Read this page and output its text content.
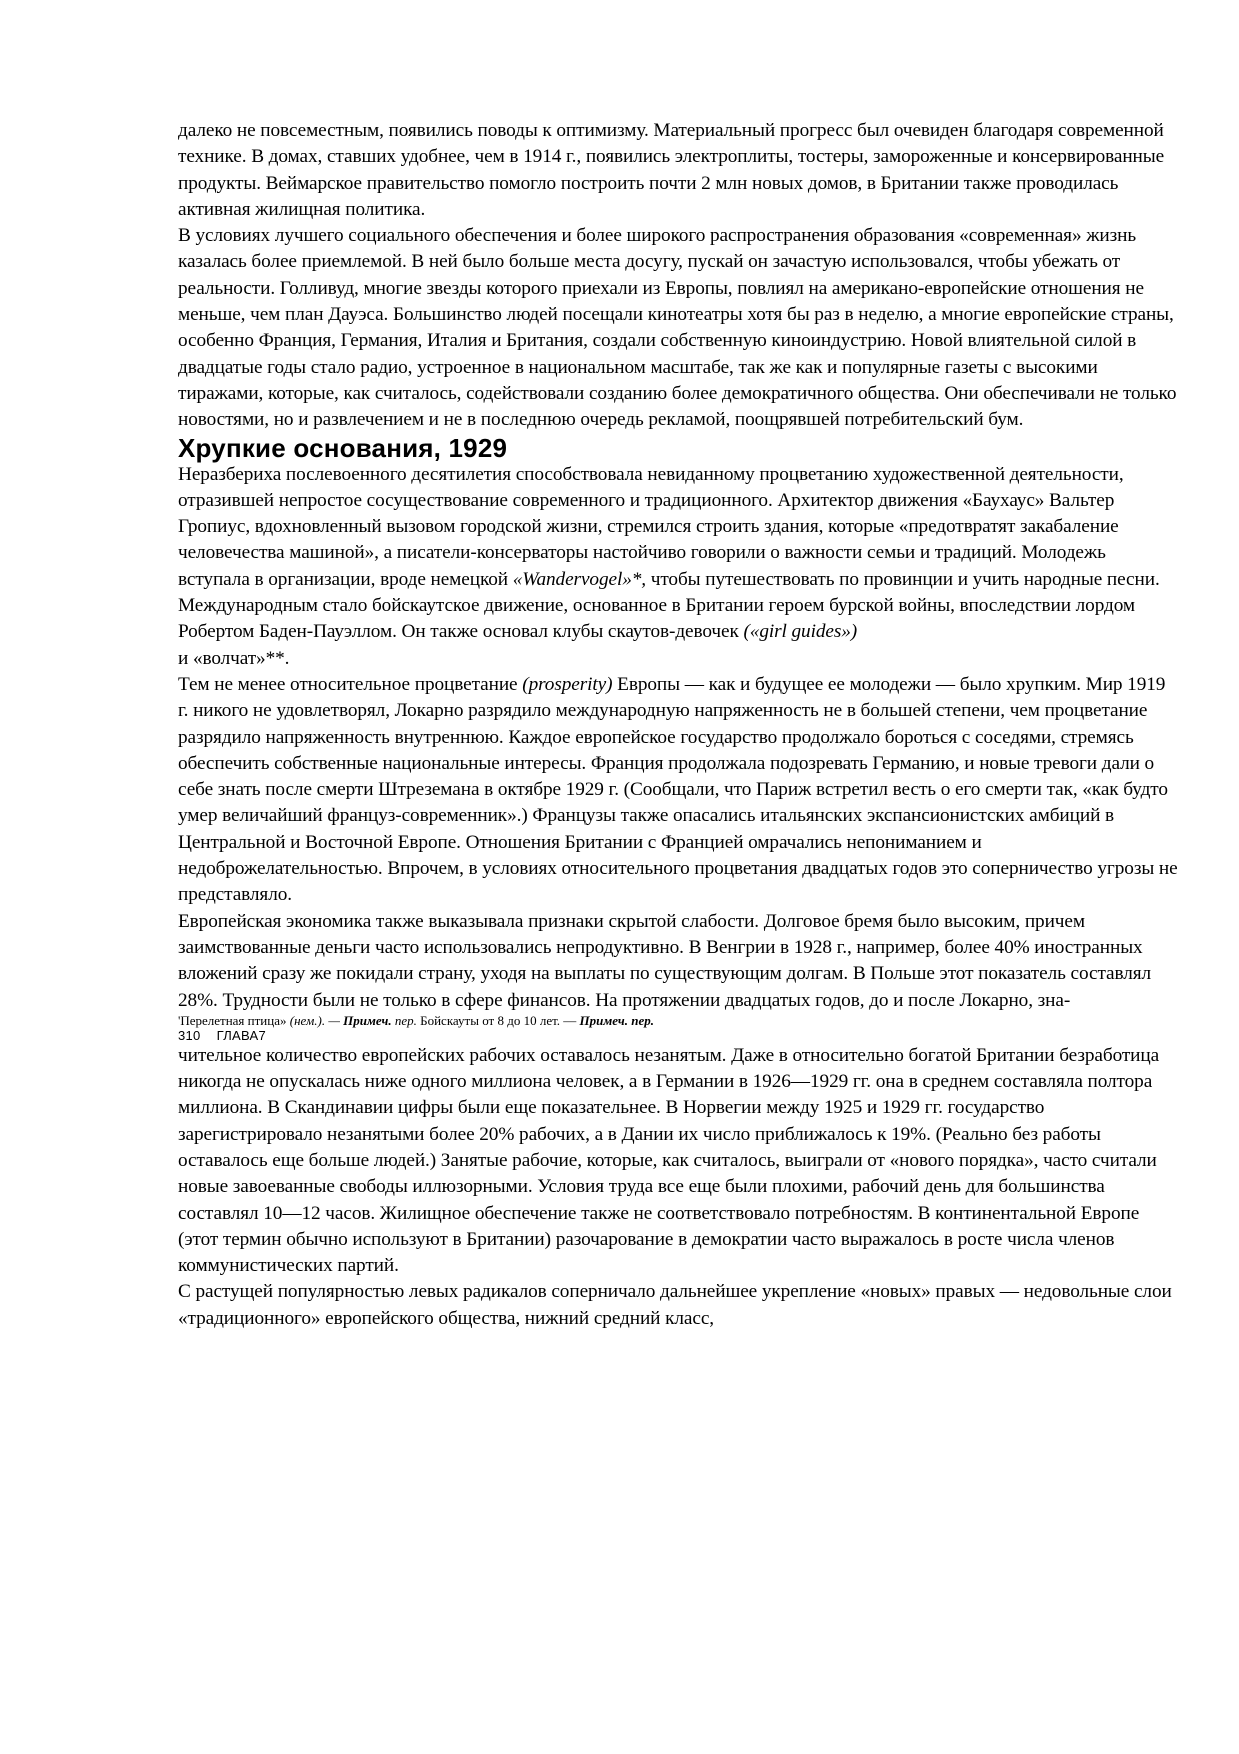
далеко не повсеместным, появились поводы к оптимизму. Материальный прогресс был очевиден благодаря современной технике. В домах, ставших удобнее, чем в 1914 г., появились электроплиты, тостеры, замороженные и консервированные продукты. Веймарское правительство помогло построить почти 2 млн новых домов, в Британии также проводилась активная жилищная политика.

В условиях лучшего социального обеспечения и более широкого распространения образования «современная» жизнь казалась более приемлемой. В ней было больше места досугу, пускай он зачастую использовался, чтобы убежать от реальности. Голливуд, многие звезды которого приехали из Европы, повлиял на американо-европейские отношения не меньше, чем план Дауэса. Большинство людей посещали кинотеатры хотя бы раз в неделю, а многие европейские страны, особенно Франция, Германия, Италия и Британия, создали собственную киноиндустрию. Новой влиятельной силой в двадцатые годы стало радио, устроенное в национальном масштабе, так же как и популярные газеты с высокими тиражами, которые, как считалось, содействовали созданию более демократичного общества. Они обеспечивали не только новостями, но и развлечением и не в последнюю очередь рекламой, поощрявшей потребительский бум.

Хрупкие основания, 1929

Неразбериха послевоенного десятилетия способствовала невиданному процветанию художественной деятельности, отразившей непростое сосуществование современного и традиционного. Архитектор движения «Баухаус» Вальтер Гропиус, вдохновленный вызовом городской жизни, стремился строить здания, которые «предотвратят закабаление человечества машиной», а писатели-консерваторы настойчиво говорили о важности семьи и традиций. Молодежь вступала в организации, вроде немецкой «Wandervogel»*, чтобы путешествовать по провинции и учить народные песни. Международным стало бойскаутское движение, основанное в Британии героем бурской войны, впоследствии лордом Робертом Баден-Пауэллом. Он также основал клубы скаутов-девочек («girl guides»)

и «волчат»**.

Тем не менее относительное процветание (prosperity) Европы — как и будущее ее молодежи — было хрупким. Мир 1919 г. никого не удовлетворял, Локарно разрядило международную напряженность не в большей степени, чем процветание разрядило напряженность внутреннюю. Каждое европейское государство продолжало бороться с соседями, стремясь обеспечить собственные национальные интересы. Франция продолжала подозревать Германию, и новые тревоги дали о себе знать после смерти Штреземана в октябре 1929 г. (Сообщали, что Париж встретил весть о его смерти так, «как будто умер величайший француз-современник».) Французы также опасались итальянских экспансионистских амбиций в Центральной и Восточной Европе. Отношения Британии с Францией омрачались непониманием и недоброжелательностью. Впрочем, в условиях относительного процветания двадцатых годов это соперничество угрозы не представляло.

Европейская экономика также выказывала признаки скрытой слабости. Долговое бремя было высоким, причем заимствованные деньги часто использовались непродуктивно. В Венгрии в 1928 г., например, более 40% иностранных вложений сразу же покидали страну, уходя на выплаты по существующим долгам. В Польше этот показатель составлял 28%. Трудности были не только в сфере финансов. На протяжении двадцатых годов, до и после Локарно, зна-

'Перелетная птица» (нем.). — Примеч. пер. Бойскауты от 8 до 10 лет. — Примеч. пер.

310 ГЛАВА7

чительное количество европейских рабочих оставалось незанятым. Даже в относительно богатой Британии безработица никогда не опускалась ниже одного миллиона человек, а в Германии в 1926—1929 гг. она в среднем составляла полтора миллиона. В Скандинавии цифры были еще показательнее. В Норвегии между 1925 и 1929 гг. государство зарегистрировало незанятыми более 20% рабочих, а в Дании их число приближалось к 19%. (Реально без работы оставалось еще больше людей.) Занятые рабочие, которые, как считалось, выиграли от «нового порядка», часто считали новые завоеванные свободы иллюзорными. Условия труда все еще были плохими, рабочий день для большинства составлял 10—12 часов. Жилищное обеспечение также не соответствовало потребностям. В континентальной Европе (этот термин обычно используют в Британии) разочарование в демократии часто выражалось в росте числа членов коммунистических партий.

С растущей популярностью левых радикалов соперничало дальнейшее укрепление «новых» правых — недовольные слои «традиционного» европейского общества, нижний средний класс,
